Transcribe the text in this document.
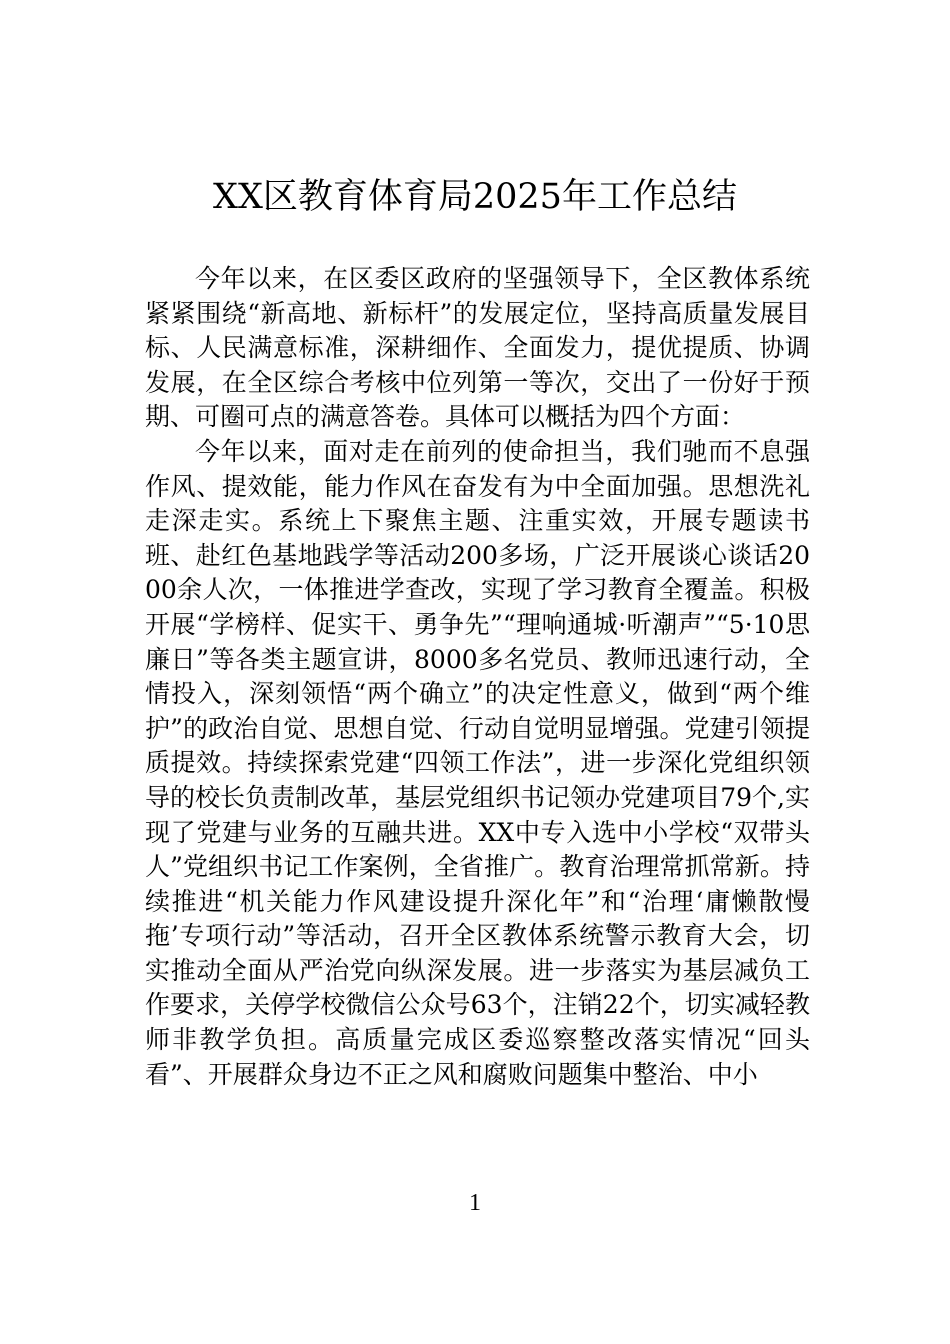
XX区教育体育局2025年工作总结

今年以来，在区委区政府的坚强领导下，全区教体系统紧紧围绕“新高地、新标杆”的发展定位，坚持高质量发展目标、人民满意标准，深耕细作、全面发力，提优提质、协调发展，在全区综合考核中位列第一等次，交出了一份好于预期、可圈可点的满意答卷。具体可以概括为四个方面：

今年以来，面对走在前列的使命担当，我们驰而不息强作风、提效能，能力作风在奋发有为中全面加强。思想洗礼走深走实。系统上下聚焦主题、注重实效，开展专题读书班、赴红色基地践学等活动200多场，广泛开展谈心谈话2000余人次，一体推进学查改，实现了学习教育全覆盖。积极开展“学榜样、促实干、勇争先”“理响通城·听潮声”“5·10思廉日”等各类主题宣讲，8000多名党员、教师迅速行动，全情投入，深刻领悟“两个确立”的决定性意义，做到“两个维护”的政治自觉、思想自觉、行动自觉明显增强。党建引领提质提效。持续探索党建“四领工作法”，进一步深化党组织领导的校长负责制改革，基层党组织书记领办党建项目79个,实现了党建与业务的互融共进。XX中专入选中小学校“双带头人”党组织书记工作案例，全省推广。教育治理常抓常新。持续推进“机关能力作风建设提升深化年”和“治理‘庸懒散慢拖’专项行动”等活动，召开全区教体系统警示教育大会，切实推动全面从严治党向纵深发展。进一步落实为基层减负工作要求，关停学校微信公众号63个，注销22个，切实减轻教师非教学负担。高质量完成区委巡察整改落实情况“回头看”、开展群众身边不正之风和腐败问题集中整治、中小

1
